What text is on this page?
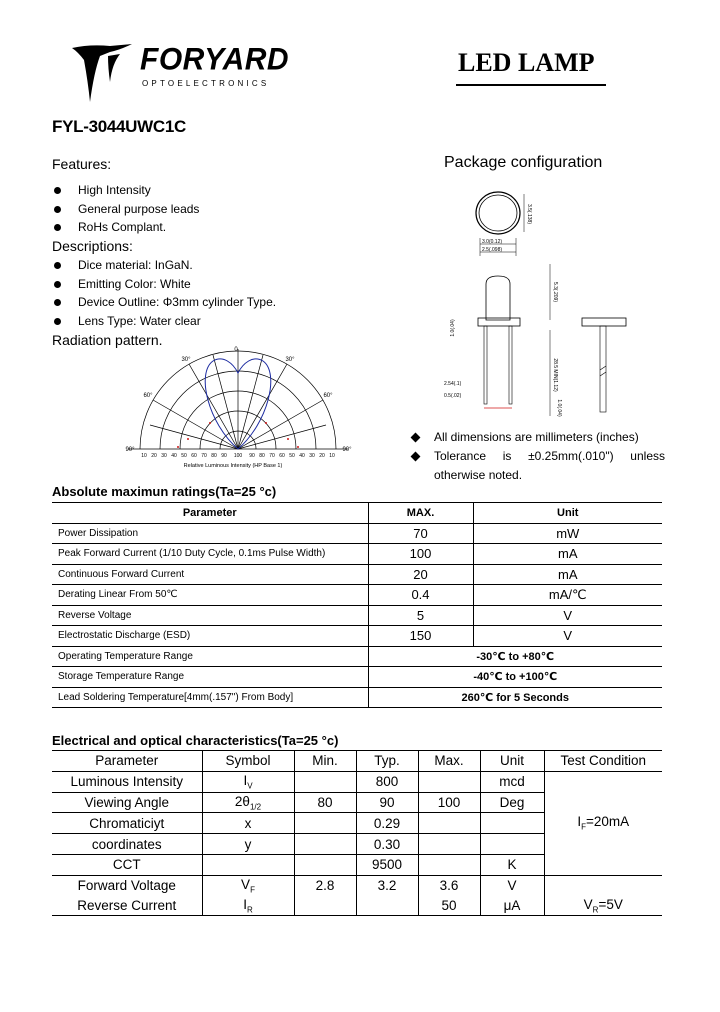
FORYARD
OPTOELECTRONICS
LED LAMP
FYL-3044UWC1C
Features:
High Intensity
General purpose leads
RoHs Complant.
Descriptions:
Dice material: InGaN.
Emitting Color: White
Device Outline: Φ3mm cylinder Type.
Lens Type: Water clear
Radiation pattern.
0
30°	30°
60°	60°
90°	90°
10 20 30 40 50 60 70 80 90 100 90 80 70 60 50 40 30 20 10
Relative Luminous Intensity (HP Base 1)
Package configuration
3.5(.138)
3.0(0.12)
2.5(.098)
5.3(.209)
28.5 MIN(1.12)
1.0(.04)
2.54(.1)
0.5(.02)
1.0(.04)
All dimensions are millimeters (inches)
Tolerance is ±0.25mm(.010") unless otherwise noted.
Absolute maximun ratings(Ta=25 °c)
Parameter	MAX.	Unit
Power Dissipation	70	mW
Peak Forward Current (1/10 Duty Cycle, 0.1ms Pulse Width)	100	mA
Continuous Forward Current	20	mA
Derating Linear From 50℃	0.4	mA/℃
Reverse Voltage	5	V
Electrostatic Discharge (ESD)	150	V
Operating Temperature Range	-30℃ to +80℃	
Storage Temperature Range	-40℃ to +100℃	
Lead Soldering Temperature[4mm(.157") From Body]	260℃ for 5 Seconds	
Electrical and optical characteristics(Ta=25 °c)
Parameter	Symbol	Min.	Typ.	Max.	Unit	Test Condition
Luminous Intensity	$I_V$		800		mcd	$I_F=20mA$
Viewing Angle	$2\theta_{1/2}$	80	90	100	Deg	
Chromaticiyt	x		0.29			
coordinates	y		0.30			
CCT			9500		K	
Forward Voltage	$V_F$	2.8	3.2	3.6	V	
Reverse Current	$I_R$			50	μA	$V_R=5V$
